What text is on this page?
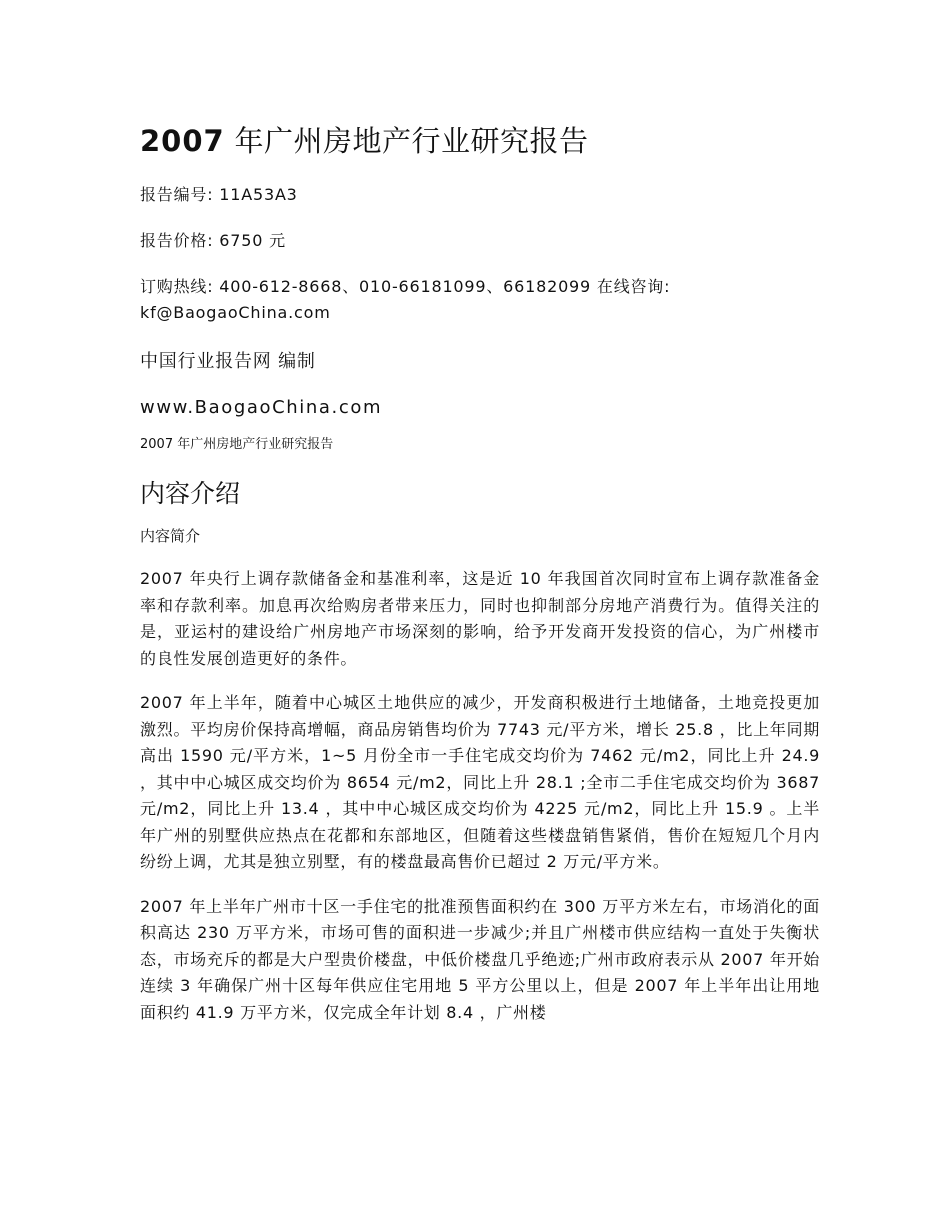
2007 年广州房地产行业研究报告

报告编号: 11A53A3

报告价格: 6750 元

订购热线: 400-612-8668、010-66181099、66182099 在线咨询: kf@BaogaoChina.com

中国行业报告网 编制

www.BaogaoChina.com

2007 年广州房地产行业研究报告

内容介绍

内容简介

2007 年央行上调存款储备金和基准利率，这是近 10 年我国首次同时宣布上调存款准备金率和存款利率。加息再次给购房者带来压力，同时也抑制部分房地产消费行为。值得关注的是，亚运村的建设给广州房地产市场深刻的影响，给予开发商开发投资的信心，为广州楼市的良性发展创造更好的条件。

2007 年上半年，随着中心城区土地供应的减少，开发商积极进行土地储备，土地竞投更加激烈。平均房价保持高增幅，商品房销售均价为 7743 元/平方米，增长 25.8 ，比上年同期高出 1590 元/平方米，1~5 月份全市一手住宅成交均价为 7462 元/m2，同比上升 24.9 ，其中中心城区成交均价为 8654 元/m2，同比上升 28.1 ;全市二手住宅成交均价为 3687 元/m2，同比上升 13.4 ，其中中心城区成交均价为 4225 元/m2，同比上升 15.9 。上半年广州的别墅供应热点在花都和东部地区，但随着这些楼盘销售紧俏，售价在短短几个月内纷纷上调，尤其是独立别墅，有的楼盘最高售价已超过 2 万元/平方米。

2007 年上半年广州市十区一手住宅的批准预售面积约在 300 万平方米左右，市场消化的面积高达 230 万平方米，市场可售的面积进一步减少;并且广州楼市供应结构一直处于失衡状态，市场充斥的都是大户型贵价楼盘，中低价楼盘几乎绝迹;广州市政府表示从 2007 年开始连续 3 年确保广州十区每年供应住宅用地 5 平方公里以上，但是 2007 年上半年出让用地面积约 41.9 万平方米，仅完成全年计划 8.4 ，广州楼
